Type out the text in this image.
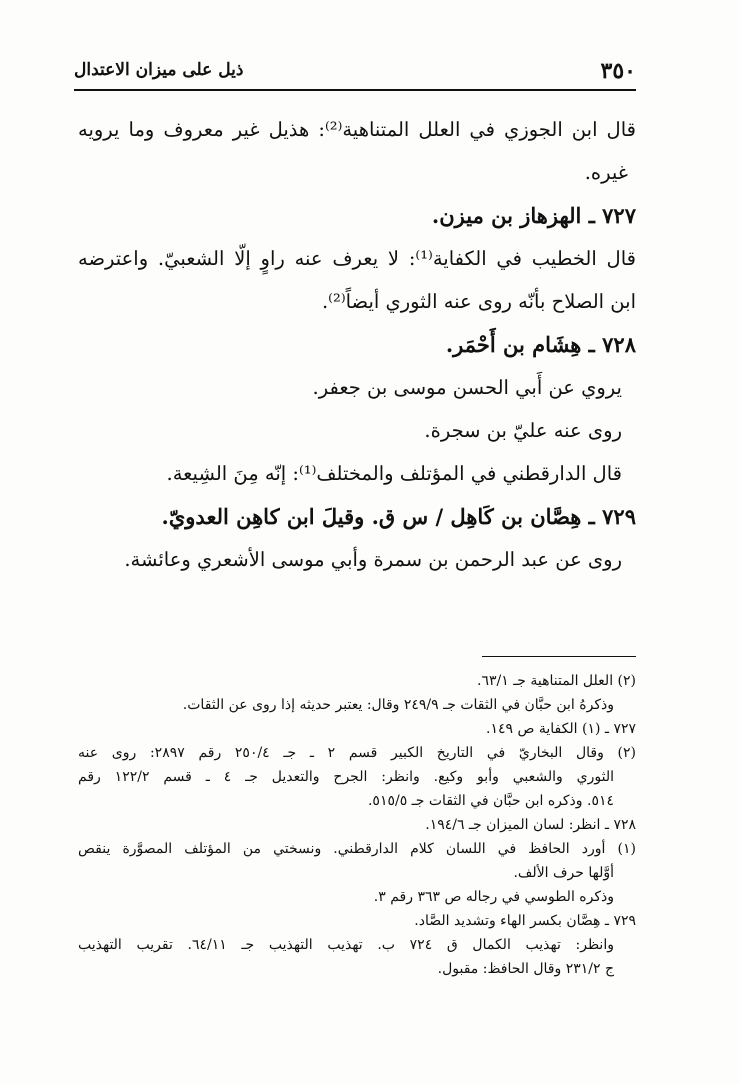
٣٥٠
ذيل على ميزان الاعتدال
قال ابن الجوزي في العلل المتناهية⁽²⁾: هذيل غير معروف وما يرويه
غيره.
٧٢٧ ـ الهزهاز بن ميزن.
قال الخطيب في الكفاية⁽¹⁾: لا يعرف عنه راوٍ إلّا الشعبيّ. واعترضه
ابن الصلاح بأنّه روى عنه الثوري أيضاً⁽²⁾.
٧٢٨ ـ هِشَام بن أَحْمَر.
يروي عن أَبي الحسن موسى بن جعفر.
روى عنه عليّ بن سجرة.
قال الدارقطني في المؤتلف والمختلف⁽¹⁾: إنّه مِنَ الشِيعة.
٧٢٩ ـ هِصَّان بن كَاهِل / س ق. وقيلَ ابن كاهِن العدويّ.
روى عن عبد الرحمن بن سمرة وأبي موسى الأشعري وعائشة.
(٢) العلل المتناهية جـ ٦٣/١.
وذكرهُ ابن حبَّان في الثقات جـ ٢٤٩/٩ وقال: يعتبر حديثه إذا روى عن الثقات.
٧٢٧ ـ (١) الكفاية ص ١٤٩.
(٢) وقال البخاريّ في التاريخ الكبير قسم ٢ ـ جـ ٢٥٠/٤ رقم ٢٨٩٧: روى عنه
الثوري والشعبي وأبو وكيع. وانظر: الجرح والتعديل جـ ٤ ـ قسم ١٢٢/٢ رقم
٥١٤. وذكره ابن حبَّان في الثقات جـ ٥١٥/٥.
٧٢٨ ـ انظر: لسان الميزان جـ ١٩٤/٦.
(١) أورد الحافظ في اللسان كلام الدارقطني. ونسختي من المؤتلف المصوَّرة ينقص
أوَّلها حرف الألف.
وذكره الطوسي في رجاله ص ٣٦٣ رقم ٣.
٧٢٩ ـ هِصَّان بكسر الهاء وتشديد الصَّاد.
وانظر: تهذيب الكمال ق ٧٢٤ ب. تهذيب التهذيب جـ ٦٤/١١. تقريب التهذيب
ج ٢٣١/٢ وقال الحافظ: مقبول.
